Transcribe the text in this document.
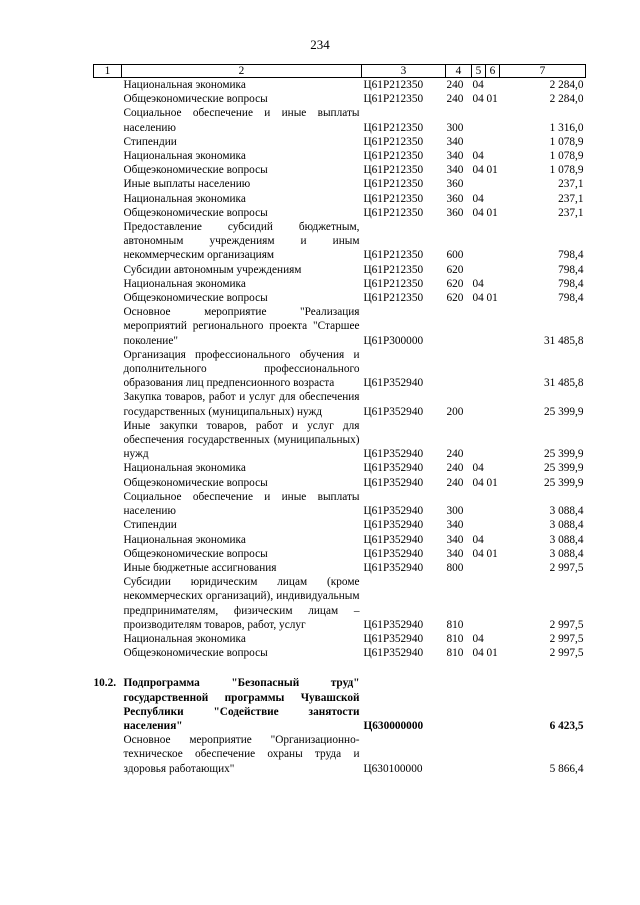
234
1	2	3	4	5	6	7
	Национальная экономика	Ц61Р212350	240	04		2 284,0
	Общеэкономические вопросы	Ц61Р212350	240	04	01	2 284,0
	Социальное обеспечение и иные выплаты населению	Ц61Р212350	300			1 316,0
	Стипендии	Ц61Р212350	340			1 078,9
	Национальная экономика	Ц61Р212350	340	04		1 078,9
	Общеэкономические вопросы	Ц61Р212350	340	04	01	1 078,9
	Иные выплаты населению	Ц61Р212350	360			237,1
	Национальная экономика	Ц61Р212350	360	04		237,1
	Общеэкономические вопросы	Ц61Р212350	360	04	01	237,1
	Предоставление субсидий бюджетным, автономным учреждениям и иным некоммерческим организациям	Ц61Р212350	600			798,4
	Субсидии автономным учреждениям	Ц61Р212350	620			798,4
	Национальная экономика	Ц61Р212350	620	04		798,4
	Общеэкономические вопросы	Ц61Р212350	620	04	01	798,4
	Основное мероприятие "Реализация мероприятий регионального проекта "Старшее поколение"	Ц61Р300000				31 485,8
	Организация профессионального обучения и дополнительного профессионального образования лиц предпенсионного возраста	Ц61Р352940				31 485,8
	Закупка товаров, работ и услуг для обеспечения государственных (муниципальных) нужд	Ц61Р352940	200			25 399,9
	Иные закупки товаров, работ и услуг для обеспечения государственных (муниципальных) нужд	Ц61Р352940	240			25 399,9
	Национальная экономика	Ц61Р352940	240	04		25 399,9
	Общеэкономические вопросы	Ц61Р352940	240	04	01	25 399,9
	Социальное обеспечение и иные выплаты населению	Ц61Р352940	300			3 088,4
	Стипендии	Ц61Р352940	340			3 088,4
	Национальная экономика	Ц61Р352940	340	04		3 088,4
	Общеэкономические вопросы	Ц61Р352940	340	04	01	3 088,4
	Иные бюджетные ассигнования	Ц61Р352940	800			2 997,5
	Субсидии юридическим лицам (кроме некоммерческих организаций), индивидуальным предпринимателям, физическим лицам – производителям товаров, работ, услуг	Ц61Р352940	810			2 997,5
	Национальная экономика	Ц61Р352940	810	04		2 997,5
	Общеэкономические вопросы	Ц61Р352940	810	04	01	2 997,5

10.2.	Подпрограмма "Безопасный труд" государственной программы Чувашской Республики "Содействие занятости населения"	Ц630000000				6 423,5
	Основное мероприятие "Организационно-техническое обеспечение охраны труда и здоровья работающих"	Ц630100000				5 866,4
